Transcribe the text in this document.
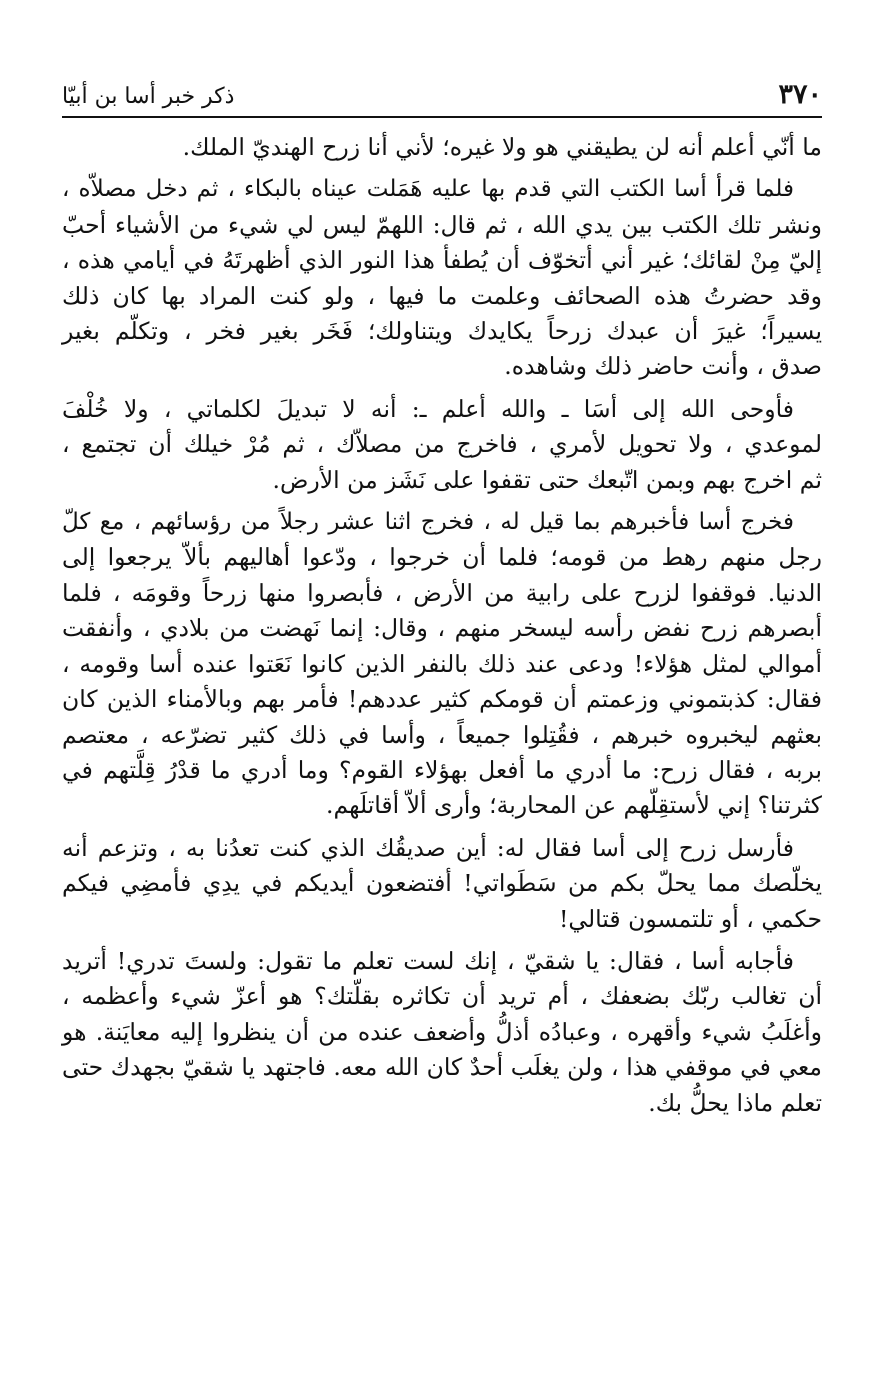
٣٧٠
ذكر خبر أسا بن أبيّا

ما أنّي أعلم أنه لن يطيقني هو ولا غيره؛ لأني أنا زرح الهنديّ الملك.

فلما قرأ أسا الكتب التي قدم بها عليه هَمَلت عيناه بالبكاء ، ثم دخل مصلاّه ،
ونشر تلك الكتب بين يدي الله ، ثم قال: اللهمّ ليس لي شيء من الأشياء أحبّ
إليّ مِنْ لقائك؛ غير أني أتخوّف أن يُطفأ هذا النور الذي أظهرتَهُ في أيامي هذه ،
وقد حضرتُ هذه الصحائف وعلمت ما فيها ، ولو كنت المراد بها كان ذلك
يسيراً؛ غيرَ أن عبدك زرحاً يكايدك ويتناولك؛ فَخَر بغير فخر ، وتكلّم بغير
صدق ، وأنت حاضر ذلك وشاهده.

فأوحى الله إلى أسَا ـ والله أعلم ـ: أنه لا تبديلَ لكلماتي ، ولا خُلْفَ
لموعدي ، ولا تحويل لأمري ، فاخرج من مصلاّك ، ثم مُرْ خيلك أن تجتمع ،
ثم اخرج بهم وبمن اتّبعك حتى تقفوا على نَشَز من الأرض.

فخرج أسا فأخبرهم بما قيل له ، فخرج اثنا عشر رجلاً من رؤسائهم ، مع كلّ
رجل منهم رهط من قومه؛ فلما أن خرجوا ، ودّعوا أهاليهم بألاّ يرجعوا إلى
الدنيا. فوقفوا لزرح على رابية من الأرض ، فأبصروا منها زرحاً وقومَه ، فلما
أبصرهم زرح نفض رأسه ليسخر منهم ، وقال: إنما نَهضت من بلادي ، وأنفقت
أموالي لمثل هؤلاء! ودعى عند ذلك بالنفر الذين كانوا نَعَتوا عنده أسا وقومه ،
فقال: كذبتموني وزعمتم أن قومكم كثير عددهم! فأمر بهم وبالأمناء الذين كان
بعثهم ليخبروه خبرهم ، فقُتِلوا جميعاً ، وأسا في ذلك كثير تضرّعه ، معتصم
بربه ، فقال زرح: ما أدري ما أفعل بهؤلاء القوم؟ وما أدري ما قدْرُ قِلَّتهم في
كثرتنا؟ إني لأستقِلّهم عن المحاربة؛ وأرى ألاّ أقاتلَهم.

فأرسل زرح إلى أسا فقال له: أين صديقُك الذي كنت تعدُنا به ، وتزعم أنه
يخلّصك مما يحلّ بكم من سَطَواتي! أفتضعون أيديكم في يدِي فأمضِي فيكم
حكمي ، أو تلتمسون قتالي!

فأجابه أسا ، فقال: يا شقيّ ، إنك لست تعلم ما تقول: ولستَ تدري! أتريد
أن تغالب ربّك بضعفك ، أم تريد أن تكاثره بقلّتك؟ هو أعزّ شيء وأعظمه ،
وأغلَبُ شيء وأقهره ، وعبادُه أذلُّ وأضعف عنده من أن ينظروا إليه معايَنة. هو
معي في موقفي هذا ، ولن يغلَب أحدٌ كان الله معه. فاجتهد يا شقيّ بجهدك حتى
تعلم ماذا يحلُّ بك.
